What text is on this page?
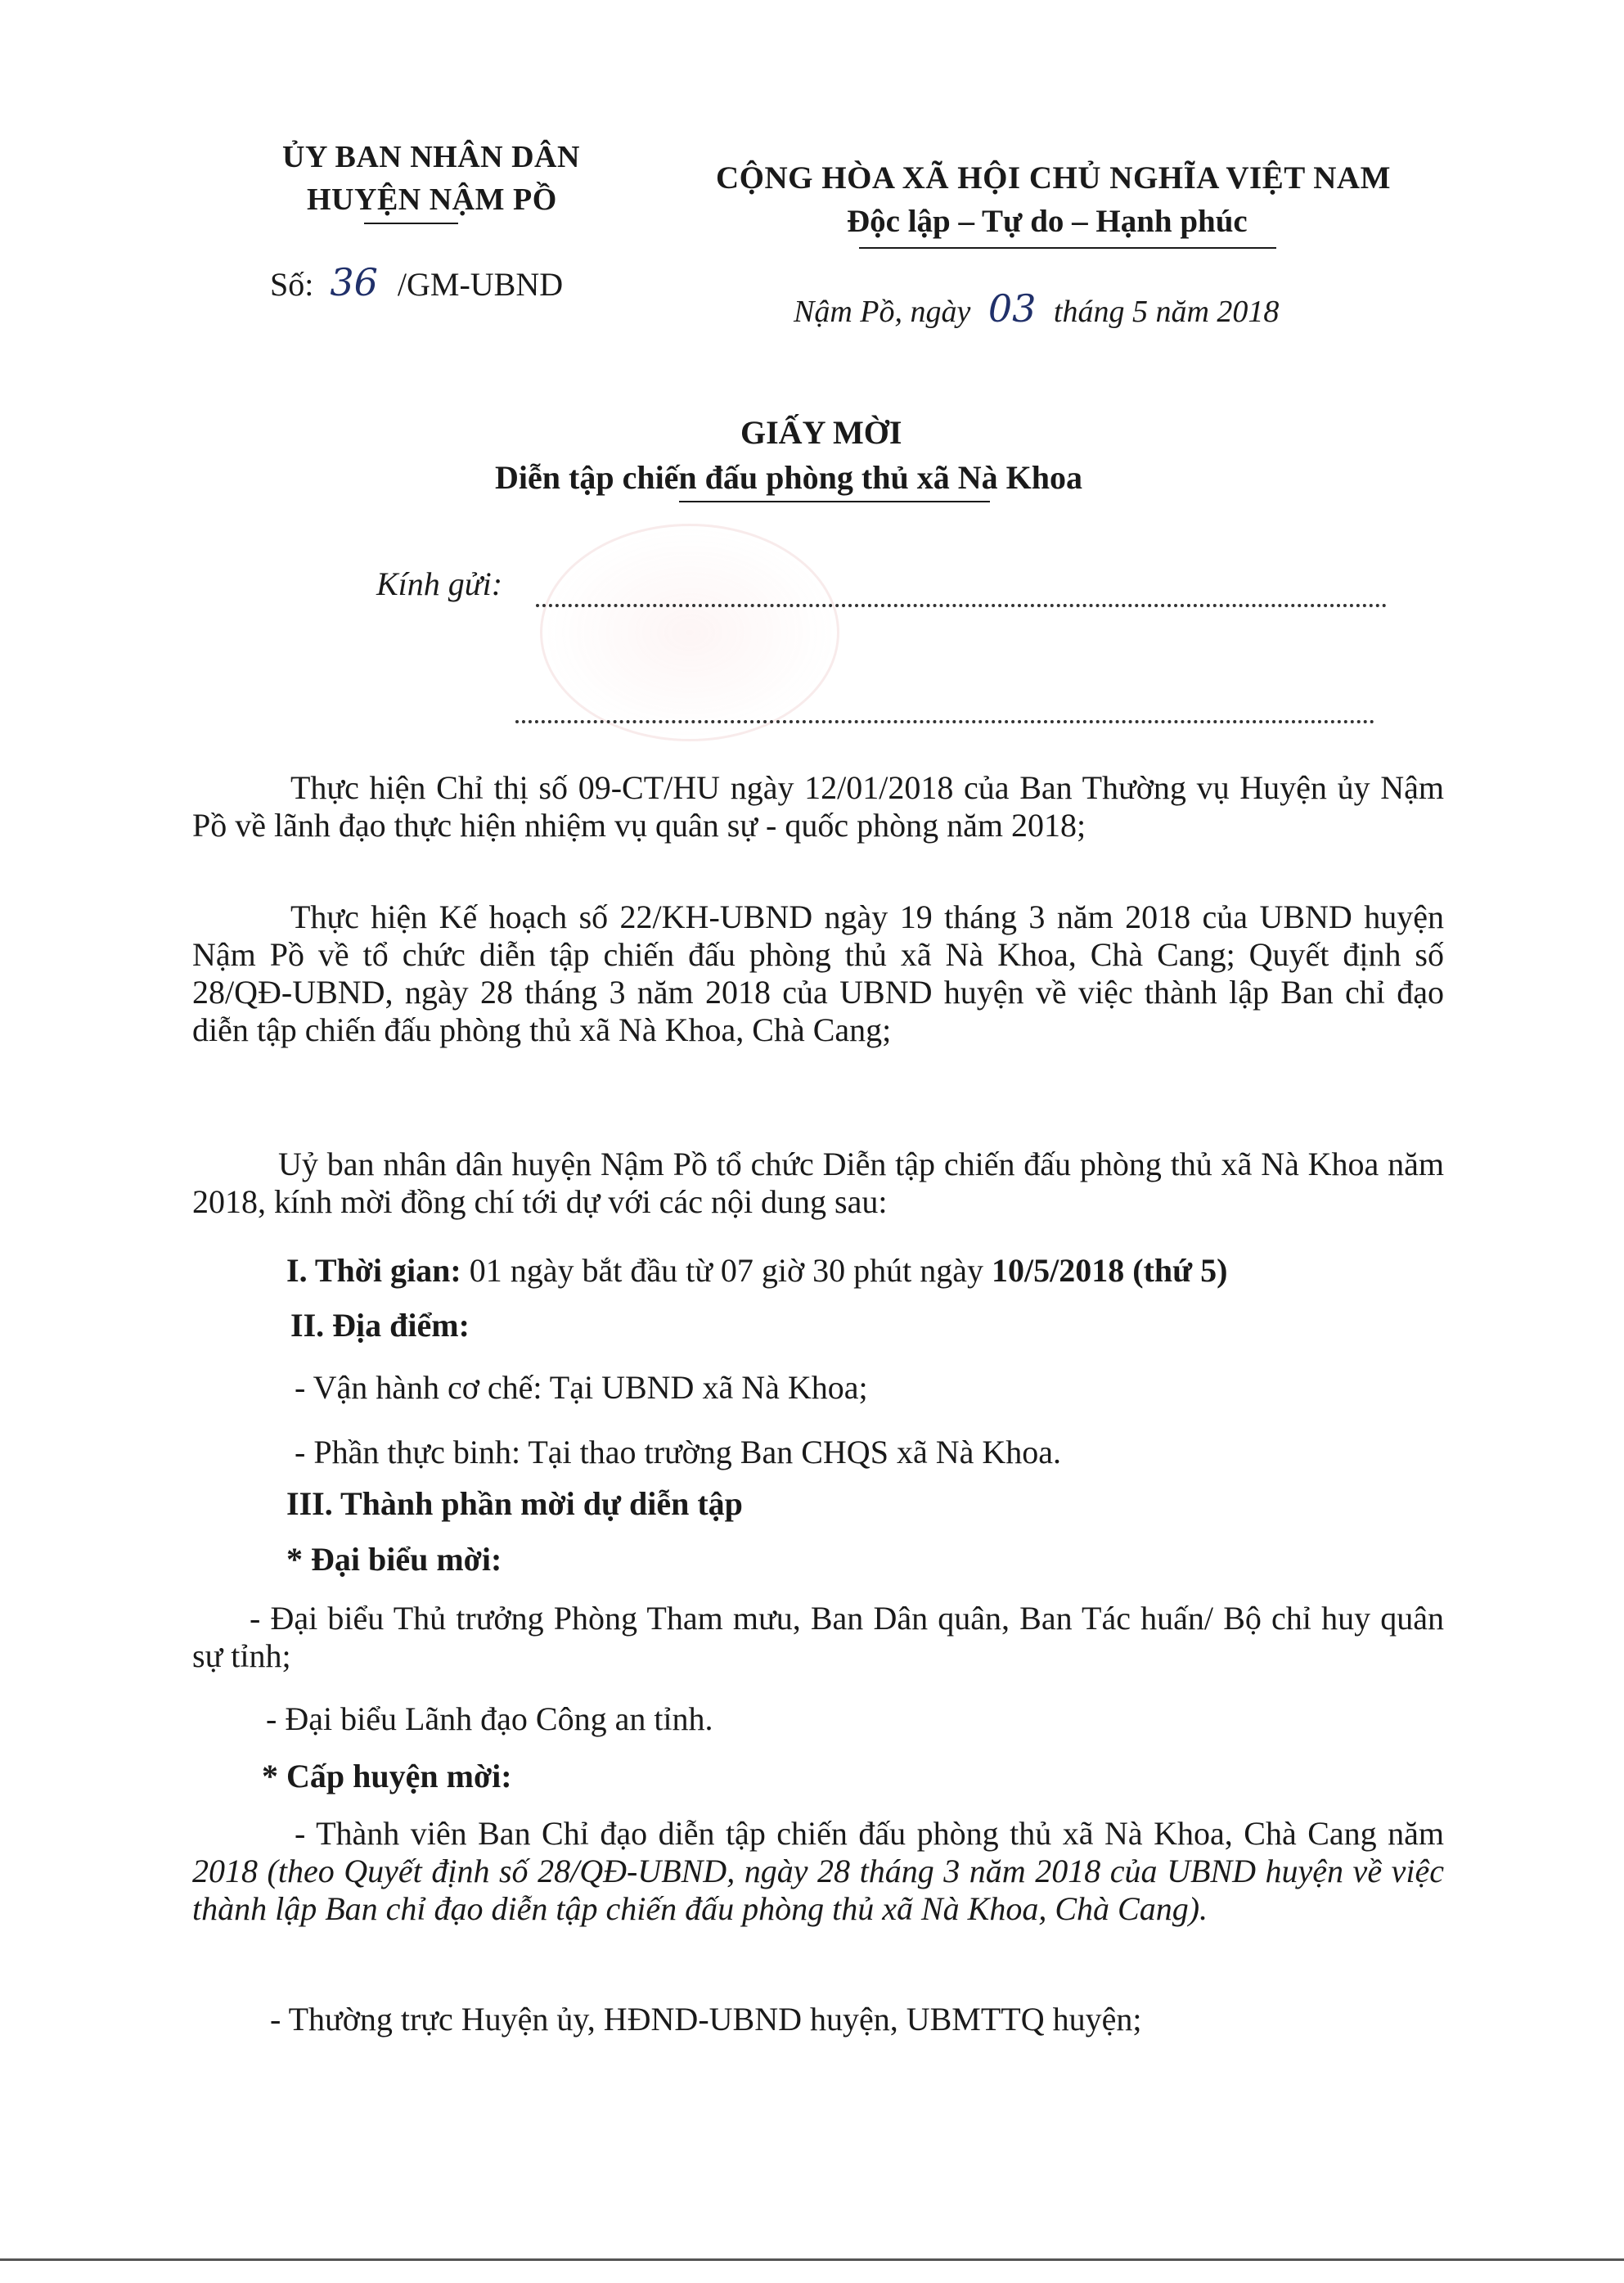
ỦY BAN NHÂN DÂN
HUYỆN NẬM PỒ
Số: 36 /GM-UBND
CỘNG HÒA XÃ HỘI CHỦ NGHĨA VIỆT NAM
Độc lập – Tự do – Hạnh phúc
Nậm Pồ, ngày 03 tháng 5 năm 2018
GIẤY MỜI
Diễn tập chiến đấu phòng thủ xã Nà Khoa
Kính gửi:
Thực hiện Chỉ thị số 09-CT/HU ngày 12/01/2018 của Ban Thường vụ Huyện ủy Nậm Pồ về lãnh đạo thực hiện nhiệm vụ quân sự - quốc phòng năm 2018;
Thực hiện Kế hoạch số 22/KH-UBND ngày 19 tháng 3 năm 2018 của UBND huyện Nậm Pồ về tổ chức diễn tập chiến đấu phòng thủ xã Nà Khoa, Chà Cang; Quyết định số 28/QĐ-UBND, ngày 28 tháng 3 năm 2018 của UBND huyện về việc thành lập Ban chỉ đạo diễn tập chiến đấu phòng thủ xã Nà Khoa, Chà Cang;
Uỷ ban nhân dân huyện Nậm Pồ tổ chức Diễn tập chiến đấu phòng thủ xã Nà Khoa năm 2018, kính mời đồng chí tới dự với các nội dung sau:
I. Thời gian: 01 ngày bắt đầu từ 07 giờ 30 phút ngày 10/5/2018 (thứ 5)
II. Địa điểm:
- Vận hành cơ chế: Tại UBND xã Nà Khoa;
- Phần thực binh: Tại thao trường Ban CHQS xã Nà Khoa.
III. Thành phần mời dự diễn tập
* Đại biểu mời:
- Đại biểu Thủ trưởng Phòng Tham mưu, Ban Dân quân, Ban Tác huấn/ Bộ chỉ huy quân sự tỉnh;
- Đại biểu Lãnh đạo Công an tỉnh.
* Cấp huyện mời:
- Thành viên Ban Chỉ đạo diễn tập chiến đấu phòng thủ xã Nà Khoa, Chà Cang năm 2018 (theo Quyết định số 28/QĐ-UBND, ngày 28 tháng 3 năm 2018 của UBND huyện về việc thành lập Ban chỉ đạo diễn tập chiến đấu phòng thủ xã Nà Khoa, Chà Cang).
- Thường trực Huyện ủy, HĐND-UBND huyện, UBMTTQ huyện;
